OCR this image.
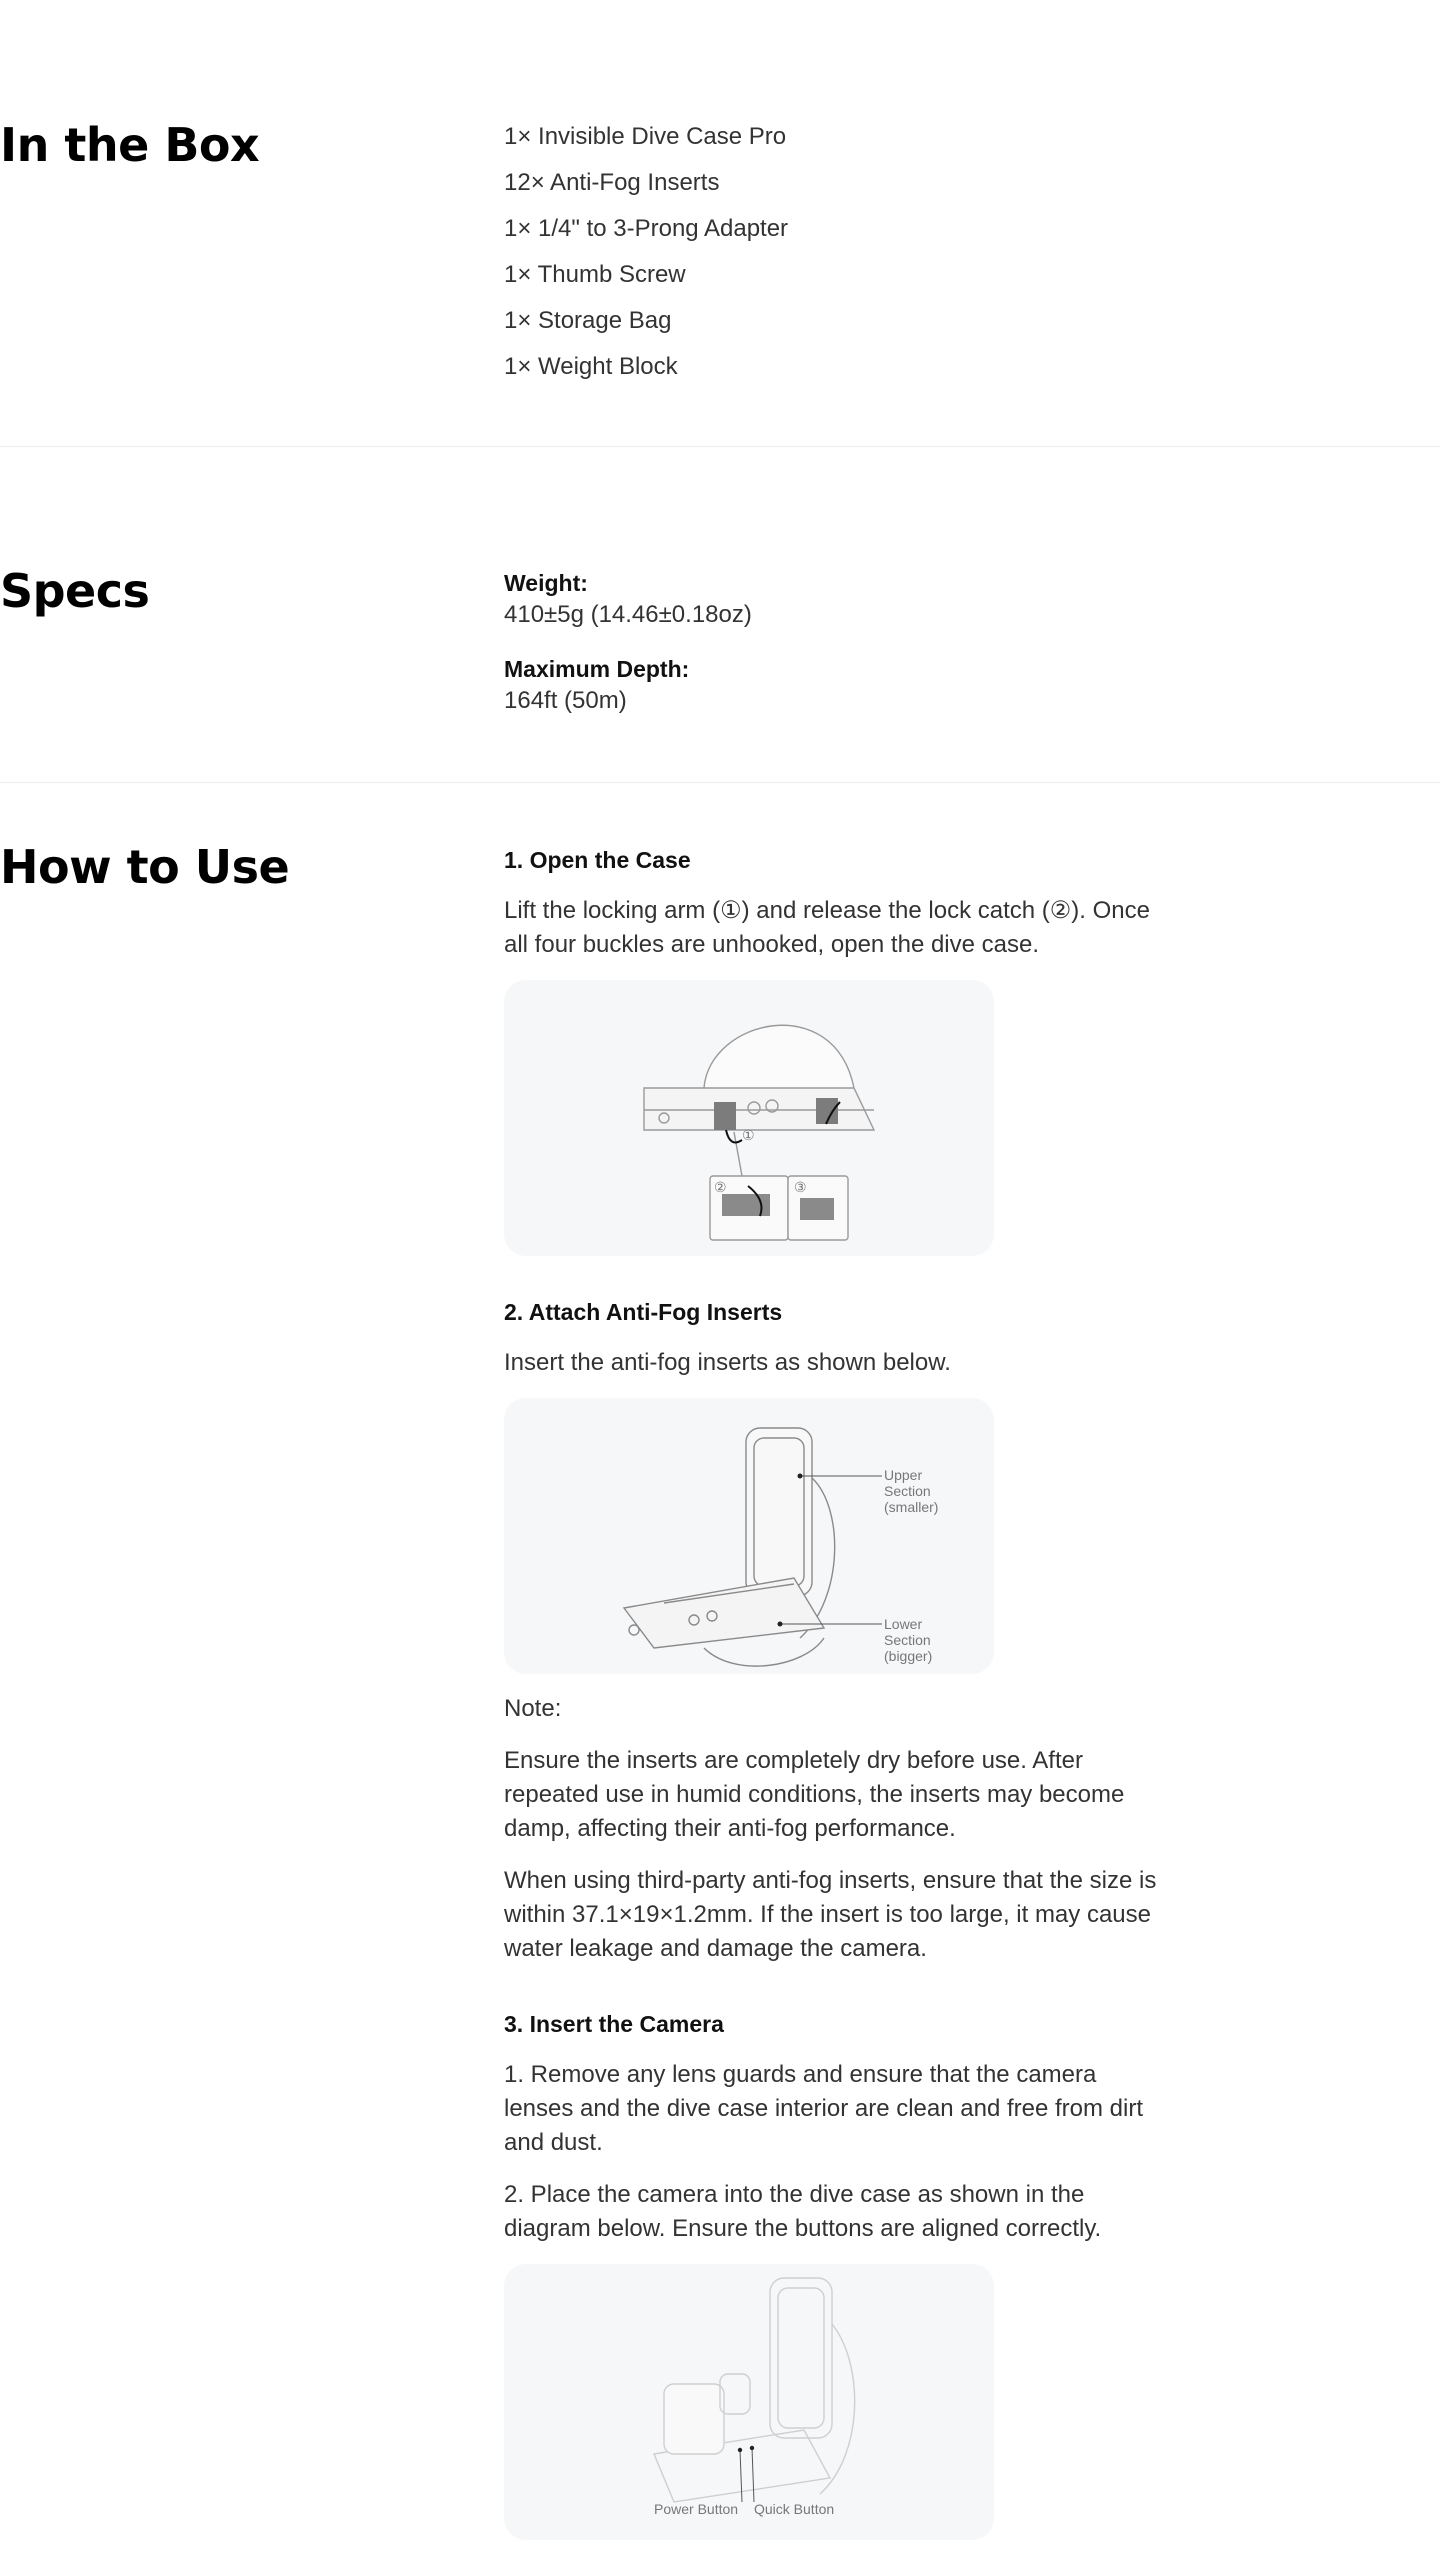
In the Box	1× Invisible Dive Case Pro
12× Anti-Fog Inserts
1× 1/4" to 3-Prong Adapter
1× Thumb Screw
1× Storage Bag
1× Weight Block
Specs	Weight:

410±5g (14.46±0.18oz)

Maximum Depth:

164ft (50m)

How to Use	1. Open the Case

Lift the locking arm (①) and release the lock catch (②). Once all four buckles are unhooked, open the dive case.

①
②	③

2. Attach Anti-Fog Inserts

Insert the anti-fog inserts as shown below.

Upper
Section
(smaller)
Lower
Section
(bigger)

Note:

Ensure the inserts are completely dry before use. After repeated use in humid conditions, the inserts may become damp, affecting their anti-fog performance.

When using third-party anti-fog inserts, ensure that the size is within 37.1×19×1.2mm. If the insert is too large, it may cause water leakage and damage the camera.

3. Insert the Camera

1. Remove any lens guards and ensure that the camera lenses and the dive case interior are clean and free from dirt and dust.

2. Place the camera into the dive case as shown in the diagram below. Ensure the buttons are aligned correctly.

Power Button Quick Button
